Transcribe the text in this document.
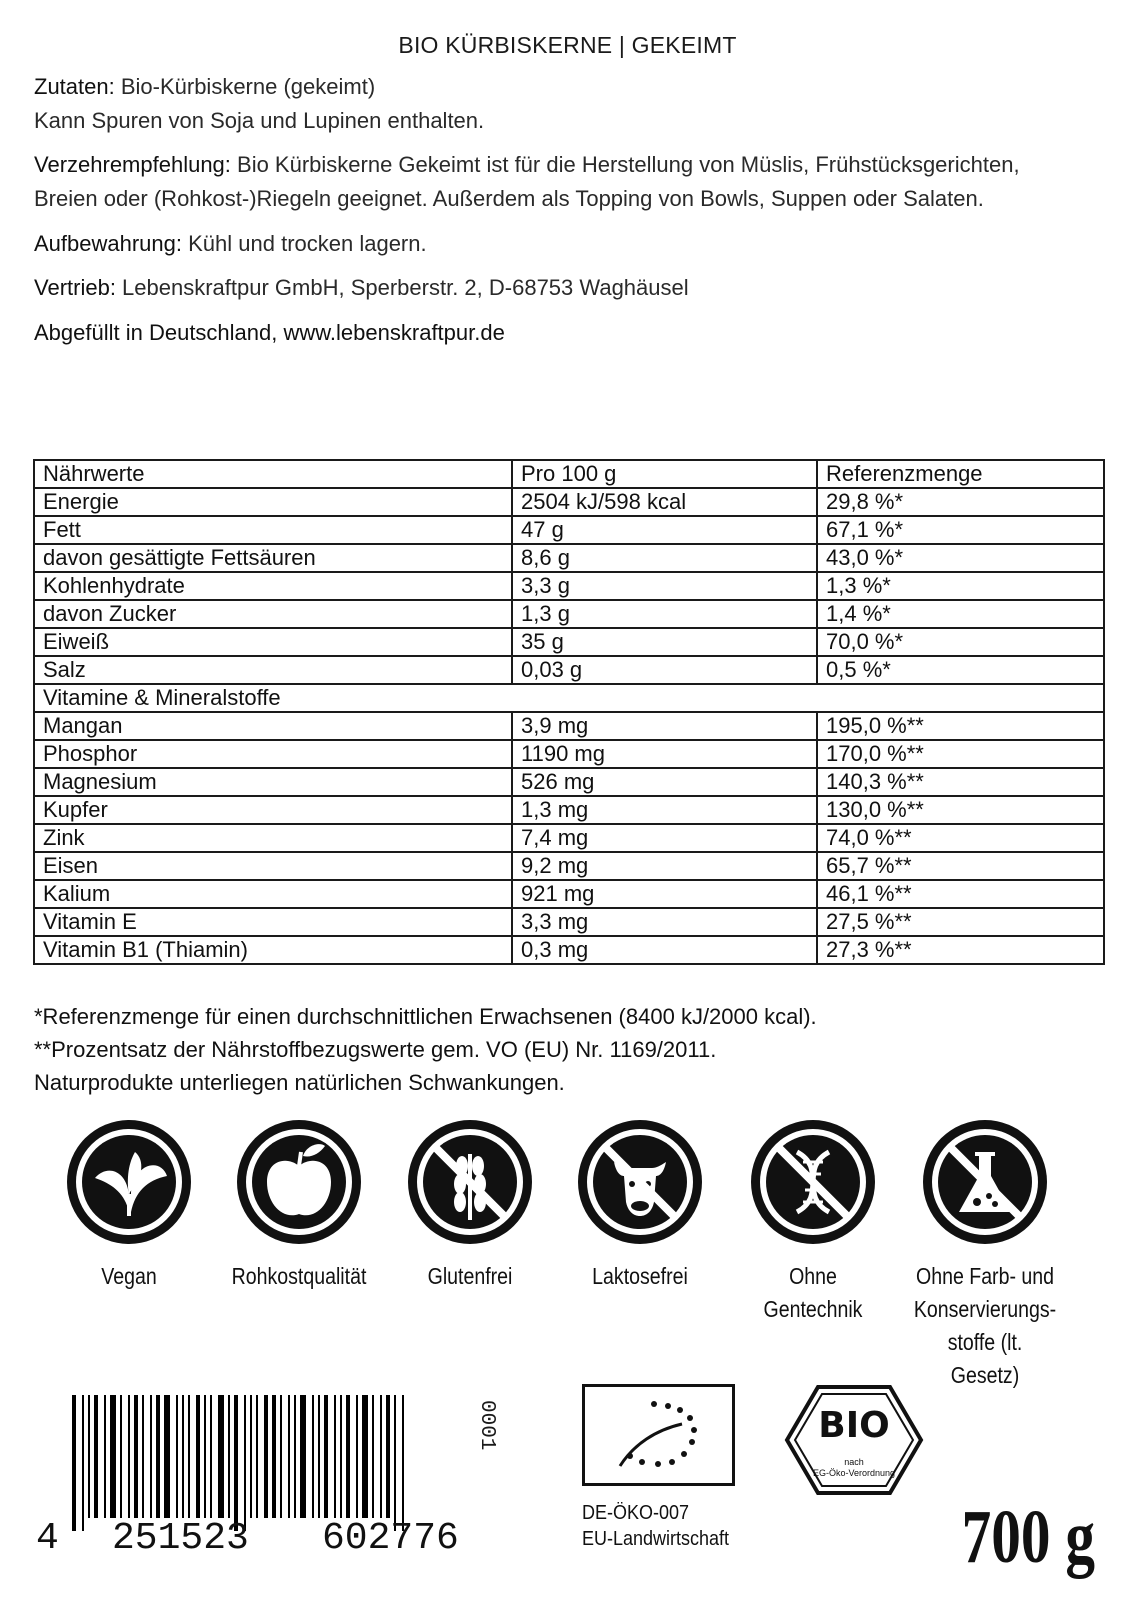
BIO KÜRBISKERNE | GEKEIMT
Zutaten: Bio-Kürbiskerne (gekeimt)
Kann Spuren von Soja und Lupinen enthalten.
Verzehrempfehlung: Bio Kürbiskerne Gekeimt ist für die Herstellung von Müslis, Frühstücksgerichten,
Breien oder (Rohkost-)Riegeln geeignet. Außerdem als Topping von Bowls, Suppen oder Salaten.
Aufbewahrung: Kühl und trocken lagern.
Vertrieb: Lebenskraftpur GmbH, Sperberstr. 2, D-68753 Waghäusel
Abgefüllt in Deutschland, www.lebenskraftpur.de
Nährwerte	Pro 100 g	Referenzmenge
Energie	2504 kJ/598 kcal	29,8 %*
Fett	47 g	67,1 %*
davon gesättigte Fettsäuren	8,6 g	43,0 %*
Kohlenhydrate	3,3 g	1,3 %*
davon Zucker	1,3 g	1,4 %*
Eiweiß	35 g	70,0 %*
Salz	0,03 g	0,5 %*
Vitamine & Mineralstoffe		
Mangan	3,9 mg	195,0 %**
Phosphor	1190 mg	170,0 %**
Magnesium	526 mg	140,3 %**
Kupfer	1,3 mg	130,0 %**
Zink	7,4 mg	74,0 %**
Eisen	9,2 mg	65,7 %**
Kalium	921 mg	46,1 %**
Vitamin E	3,3 mg	27,5 %**
Vitamin B1 (Thiamin)	0,3 mg	27,3 %**
*Referenzmenge für einen durchschnittlichen Erwachsenen (8400 kJ/2000 kcal).
**Prozentsatz der Nährstoffbezugswerte gem. VO (EU) Nr. 1169/2011.
Naturprodukte unterliegen natürlichen Schwankungen.
Vegan	Rohkostqualität	Glutenfrei	Laktosefrei	Ohne
Gentechnik
Ohne Farb- und
Konservierungs-
stoffe (lt. Gesetz)
4 251523 602776
0001
DE-ÖKO-007
EU-Landwirtschaft
BIO
nach
EG-Öko-Verordnung
700 g
